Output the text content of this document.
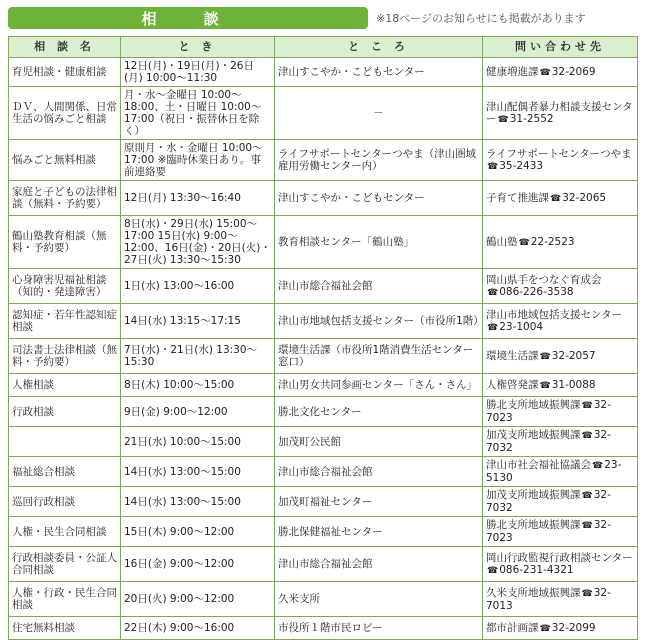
相　談	※18ページのお知らせにも掲載があります
相 談 名	と き	と こ ろ	問い合わせ先
育児相談・健康相談	12日(月)・19日(月)・26日(月) 10:00～11:30	津山すこやか・こどもセンター	健康増進課☎32-2069
ＤＶ、人間関係、日常生活の悩みごと相談	月・水～金曜日 10:00～18:00、土・日曜日 10:00～17:00（祝日・振替休日を除く）	－	津山配偶者暴力相談支援センター☎31-2552
悩みごと無料相談	原則月・水・金曜日 10:00～17:00 ※臨時休業日あり。事前連絡要	ライフサポートセンターつやま（津山圏域雇用労働センター内）	ライフサポートセンターつやま☎35-2433
家庭と子どもの法律相談（無料・予約要）	12日(月) 13:30～16:40	津山すこやか・こどもセンター	子育て推進課☎32-2065
鶴山塾教育相談（無料・予約要）	8日(水)・29日(水) 15:00～17:00 15日(水) 9:00～12:00、16日(金)・20日(火)・27日(火) 13:30～15:30	教育相談センター「鶴山塾」	鶴山塾☎22-2523
心身障害児福祉相談（知的・発達障害）	1日(水) 13:00～16:00	津山市総合福祉会館	岡山県手をつなぐ育成会☎086-226-3538
認知症・若年性認知症相談	14日(水) 13:15～17:15	津山市地域包括支援センター（市役所1階）	津山市地域包括支援センター☎23-1004
司法書士法律相談（無料・予約要）	7日(水)・21日(水) 13:30～15:30	環境生活課（市役所1階消費生活センター窓口）	環境生活課☎32-2057
人権相談	8日(木) 10:00～15:00	津山男女共同参画センター「さん・さん」	人権啓発課☎31-0088
行政相談	9日(金) 9:00～12:00	勝北文化センター	勝北支所地域振興課☎32-7023
	21日(水) 10:00～15:00	加茂町公民館	加茂支所地域振興課☎32-7032
福祉総合相談	14日(水) 13:00～15:00	津山市総合福祉会館	津山市社会福祉協議会☎23-5130
巡回行政相談	14日(水) 13:00～15:00	加茂町福祉センター	加茂支所地域振興課☎32-7032
人権・民生合同相談	15日(木) 9:00～12:00	勝北保健福祉センター	勝北支所地域振興課☎32-7023
行政相談委員・公証人合同相談	16日(金) 9:00～12:00	津山市総合福祉会館	岡山行政監視行政相談センター☎086-231-4321
人権・行政・民生合同相談	20日(火) 9:00～12:00	久米支所	久米支所地域振興課☎32-7013
住宅無料相談	22日(木) 9:00～16:00	市役所１階市民ロビー	都市計画課☎32-2099
